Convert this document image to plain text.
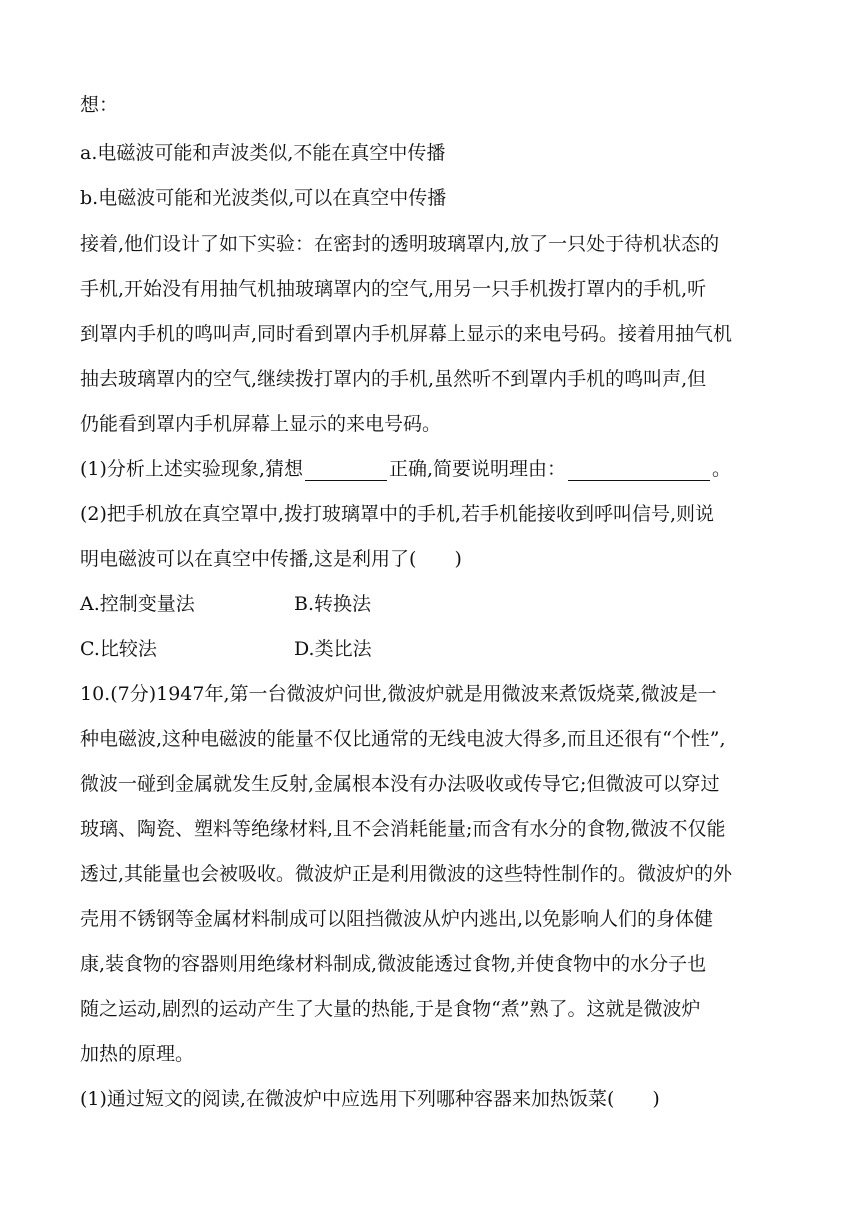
想：
a.电磁波可能和声波类似,不能在真空中传播
b.电磁波可能和光波类似,可以在真空中传播
接着,他们设计了如下实验：在密封的透明玻璃罩内,放了一只处于待机状态的
手机,开始没有用抽气机抽玻璃罩内的空气,用另一只手机拨打罩内的手机,听
到罩内手机的鸣叫声,同时看到罩内手机屏幕上显示的来电号码。接着用抽气机
抽去玻璃罩内的空气,继续拨打罩内的手机,虽然听不到罩内手机的鸣叫声,但
仍能看到罩内手机屏幕上显示的来电号码。
(1)分析上述实验现象,猜想	正确,简要说明理由：	。
(2)把手机放在真空罩中,拨打玻璃罩中的手机,若手机能接收到呼叫信号,则说
明电磁波可以在真空中传播,这是利用了(　　)
A.控制变量法	B.转换法
C.比较法	D.类比法
10.(7分)1947年,第一台微波炉问世,微波炉就是用微波来煮饭烧菜,微波是一
种电磁波,这种电磁波的能量不仅比通常的无线电波大得多,而且还很有“个性”,
微波一碰到金属就发生反射,金属根本没有办法吸收或传导它;但微波可以穿过
玻璃、陶瓷、塑料等绝缘材料,且不会消耗能量;而含有水分的食物,微波不仅能
透过,其能量也会被吸收。微波炉正是利用微波的这些特性制作的。微波炉的外
壳用不锈钢等金属材料制成可以阻挡微波从炉内逃出,以免影响人们的身体健
康,装食物的容器则用绝缘材料制成,微波能透过食物,并使食物中的水分子也
随之运动,剧烈的运动产生了大量的热能,于是食物“煮”熟了。这就是微波炉
加热的原理。
(1)通过短文的阅读,在微波炉中应选用下列哪种容器来加热饭菜(　　)
